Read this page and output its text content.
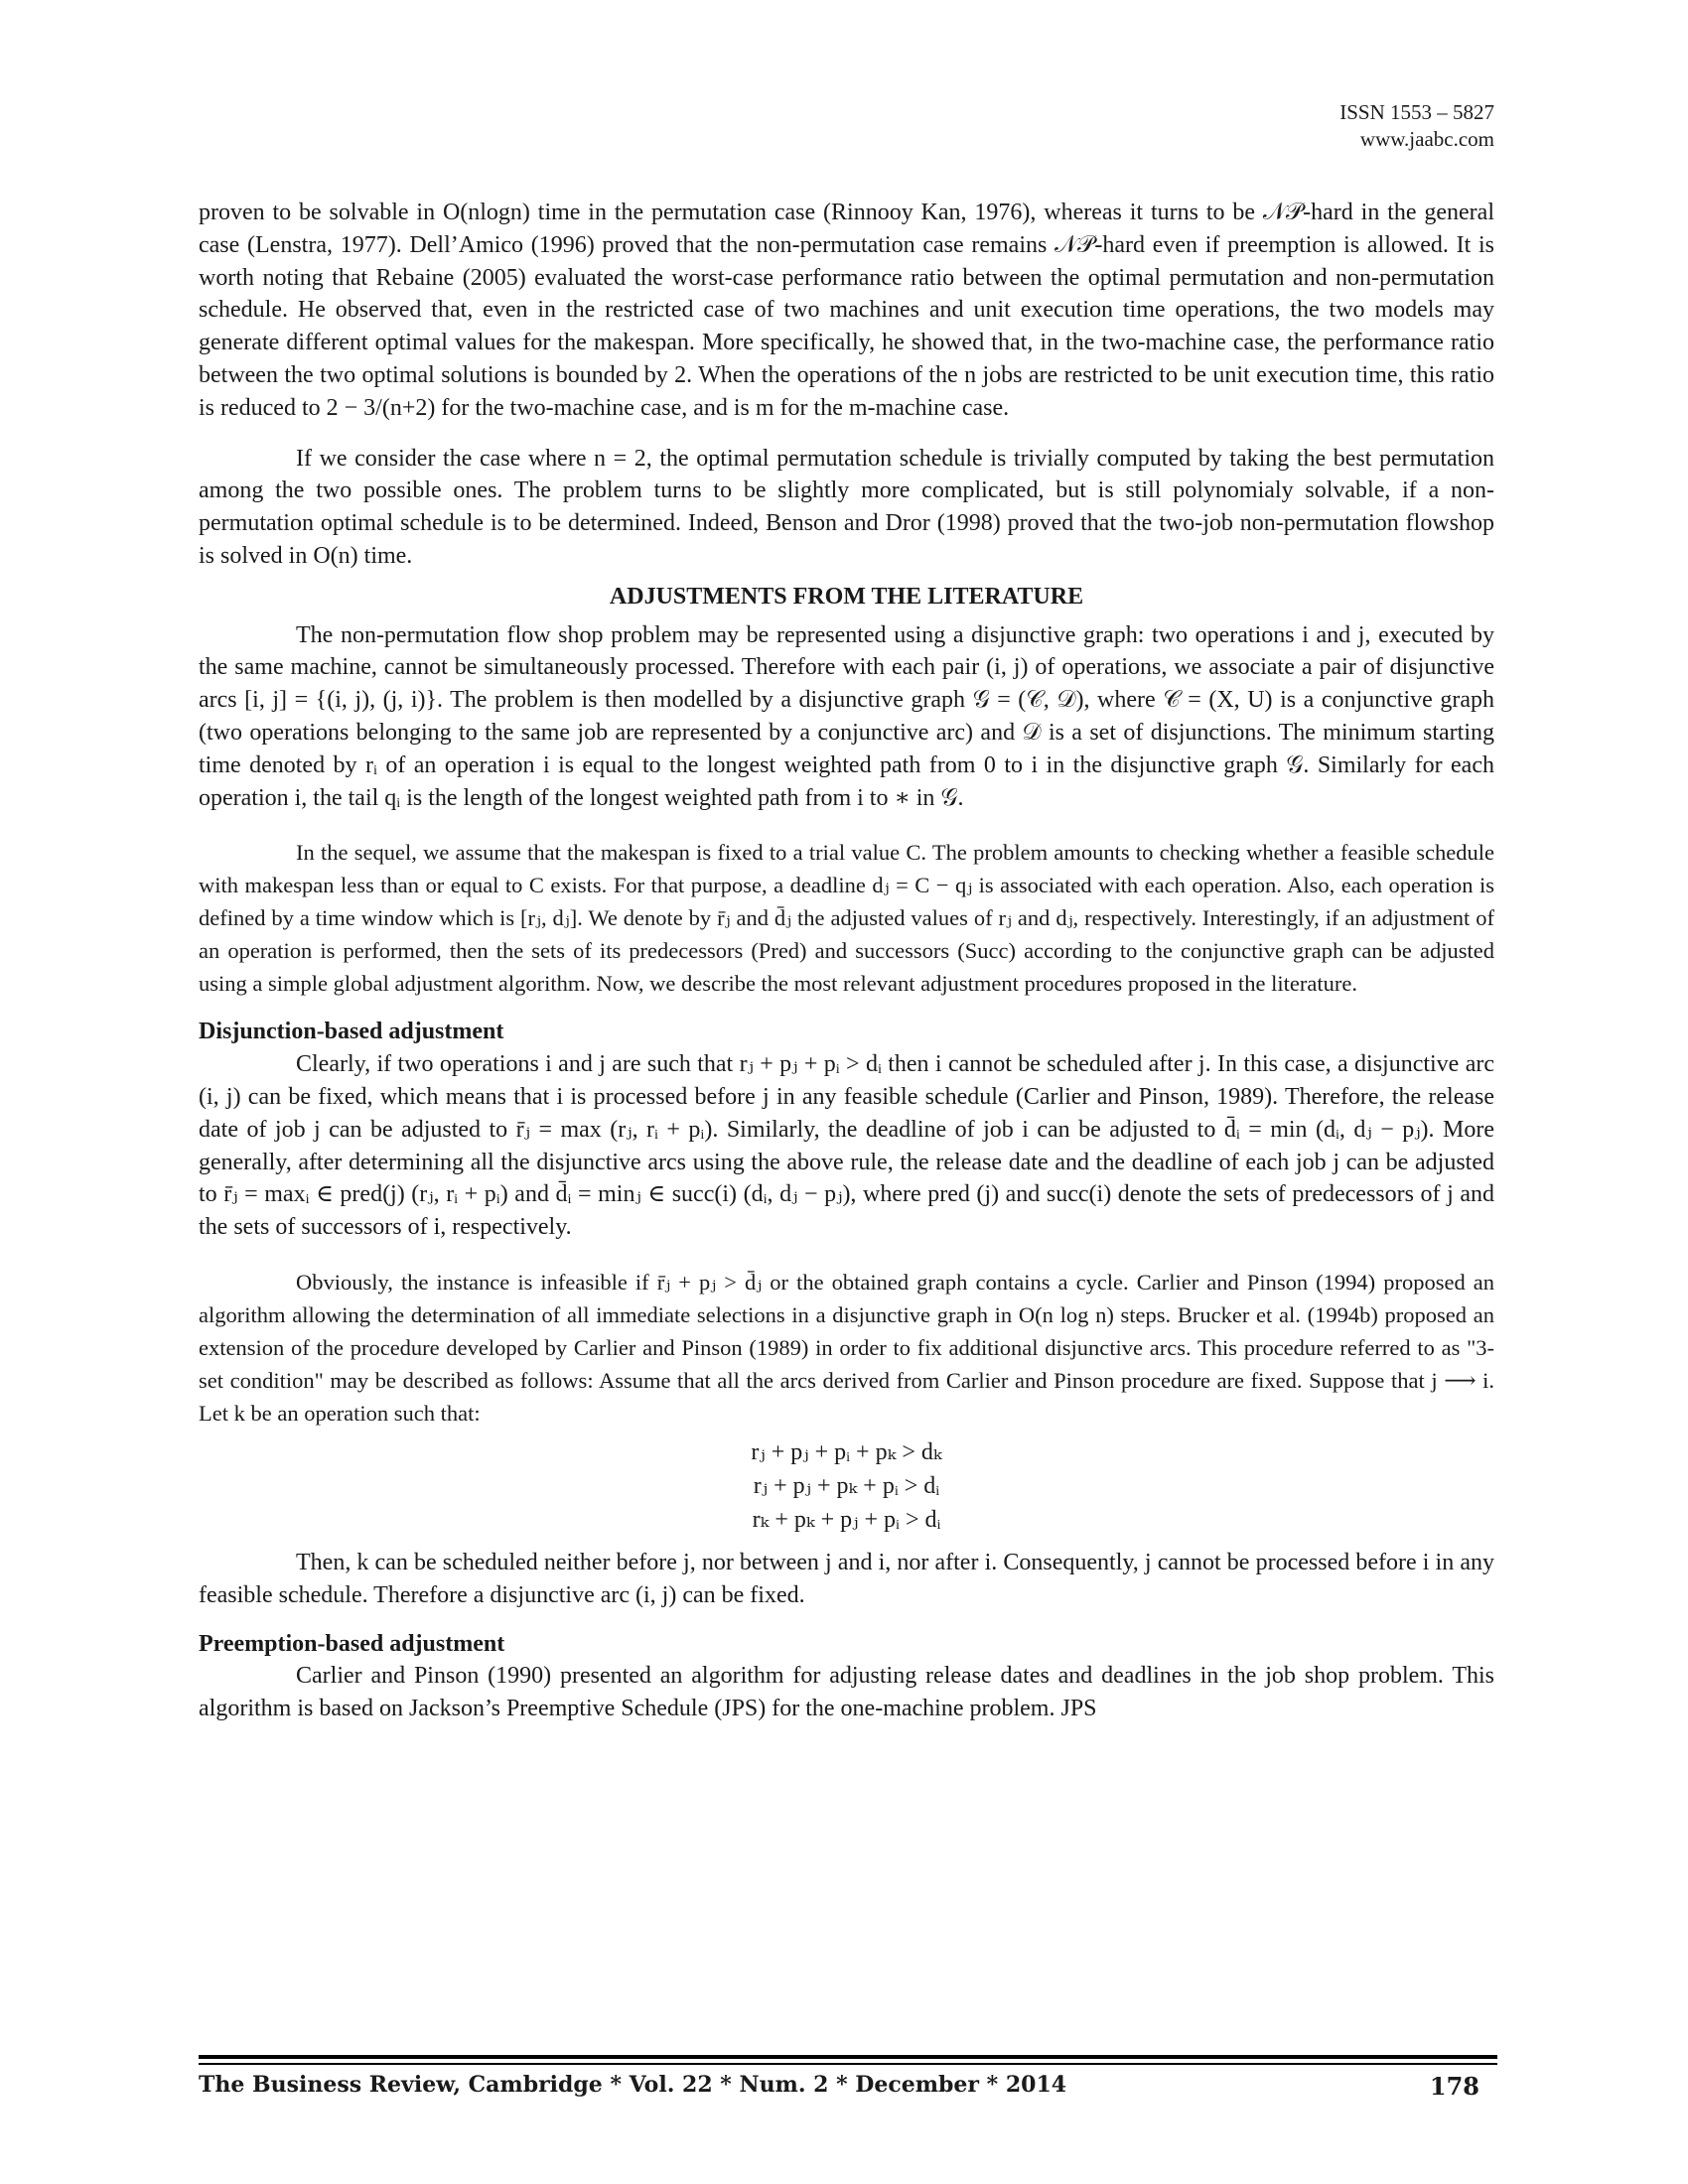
ISSN 1553 – 5827
www.jaabc.com

proven to be solvable in O(nlogn) time in the permutation case (Rinnooy Kan, 1976), whereas it turns to be 𝒩𝒫-hard in the general case (Lenstra, 1977). Dell’Amico (1996) proved that the non-permutation case remains 𝒩𝒫-hard even if preemption is allowed. It is worth noting that Rebaine (2005) evaluated the worst-case performance ratio between the optimal permutation and non-permutation schedule. He observed that, even in the restricted case of two machines and unit execution time operations, the two models may generate different optimal values for the makespan. More specifically, he showed that, in the two-machine case, the performance ratio between the two optimal solutions is bounded by 2. When the operations of the n jobs are restricted to be unit execution time, this ratio is reduced to 2 − 3/(n+2) for the two-machine case, and is m for the m-machine case.

If we consider the case where n = 2, the optimal permutation schedule is trivially computed by taking the best permutation among the two possible ones. The problem turns to be slightly more complicated, but is still polynomialy solvable, if a non-permutation optimal schedule is to be determined. Indeed, Benson and Dror (1998) proved that the two-job non-permutation flowshop is solved in O(n) time.

ADJUSTMENTS FROM THE LITERATURE

The non-permutation flow shop problem may be represented using a disjunctive graph: two operations i and j, executed by the same machine, cannot be simultaneously processed. Therefore with each pair (i, j) of operations, we associate a pair of disjunctive arcs [i, j] = {(i, j), (j, i)}. The problem is then modelled by a disjunctive graph 𝒢 = (𝒞, 𝒟), where 𝒞 = (X, U) is a conjunctive graph (two operations belonging to the same job are represented by a conjunctive arc) and 𝒟 is a set of disjunctions. The minimum starting time denoted by rᵢ of an operation i is equal to the longest weighted path from 0 to i in the disjunctive graph 𝒢. Similarly for each operation i, the tail qᵢ is the length of the longest weighted path from i to ∗ in 𝒢.

In the sequel, we assume that the makespan is fixed to a trial value C. The problem amounts to checking whether a feasible schedule with makespan less than or equal to C exists. For that purpose, a deadline dⱼ = C − qⱼ is associated with each operation. Also, each operation is defined by a time window which is [rⱼ, dⱼ]. We denote by r̄ⱼ and d̄ⱼ the adjusted values of rⱼ and dⱼ, respectively. Interestingly, if an adjustment of an operation is performed, then the sets of its predecessors (Pred) and successors (Succ) according to the conjunctive graph can be adjusted using a simple global adjustment algorithm. Now, we describe the most relevant adjustment procedures proposed in the literature.

Disjunction-based adjustment

Clearly, if two operations i and j are such that rⱼ + pⱼ + pᵢ > dᵢ then i cannot be scheduled after j. In this case, a disjunctive arc (i, j) can be fixed, which means that i is processed before j in any feasible schedule (Carlier and Pinson, 1989). Therefore, the release date of job j can be adjusted to r̄ⱼ = max (rⱼ, rᵢ + pᵢ). Similarly, the deadline of job i can be adjusted to d̄ᵢ = min (dᵢ, dⱼ − pⱼ). More generally, after determining all the disjunctive arcs using the above rule, the release date and the deadline of each job j can be adjusted to r̄ⱼ = maxᵢ ∈ pred(j) (rⱼ, rᵢ + pᵢ) and d̄ᵢ = minⱼ ∈ succ(i) (dᵢ, dⱼ − pⱼ), where pred (j) and succ(i) denote the sets of predecessors of j and the sets of successors of i, respectively.

Obviously, the instance is infeasible if r̄ⱼ + pⱼ > d̄ⱼ or the obtained graph contains a cycle. Carlier and Pinson (1994) proposed an algorithm allowing the determination of all immediate selections in a disjunctive graph in O(n log n) steps. Brucker et al. (1994b) proposed an extension of the procedure developed by Carlier and Pinson (1989) in order to fix additional disjunctive arcs. This procedure referred to as "3-set condition" may be described as follows: Assume that all the arcs derived from Carlier and Pinson procedure are fixed. Suppose that j ⟶ i. Let k be an operation such that:

rⱼ + pⱼ + pᵢ + pₖ > dₖ
rⱼ + pⱼ + pₖ + pᵢ > dᵢ
rₖ + pₖ + pⱼ + pᵢ > dᵢ

Then, k can be scheduled neither before j, nor between j and i, nor after i. Consequently, j cannot be processed before i in any feasible schedule. Therefore a disjunctive arc (i, j) can be fixed.

Preemption-based adjustment

Carlier and Pinson (1990) presented an algorithm for adjusting release dates and deadlines in the job shop problem. This algorithm is based on Jackson’s Preemptive Schedule (JPS) for the one-machine problem. JPS

The Business Review, Cambridge * Vol. 22 * Num. 2 * December * 2014	178
